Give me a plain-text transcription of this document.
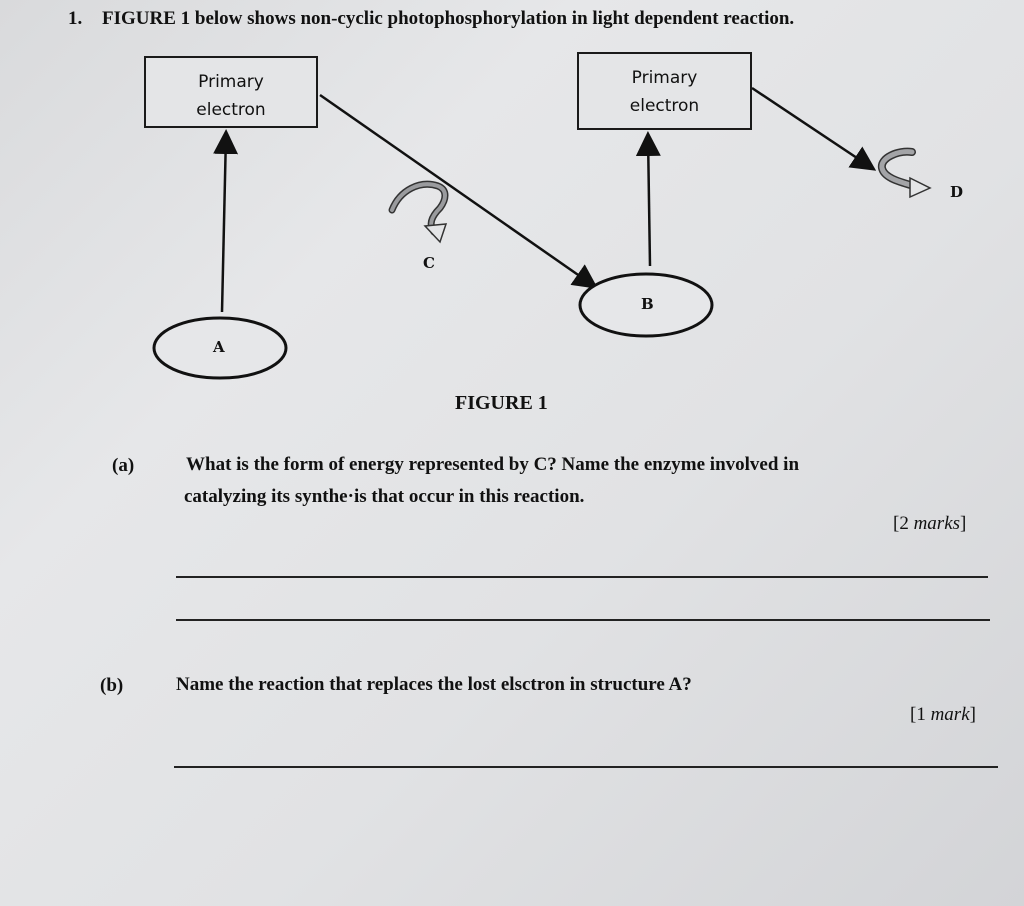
1. FIGURE 1 below shows non-cyclic photophosphorylation in light dependent reaction.
Primary
electron
Primary
electron
A
B
C
D
FIGURE 1
(a)	What is the form of energy represented by C? Name the enzyme involved in
catalyzing its synthe·is that occur in this reaction.
[2 marks]
(b)	Name the reaction that replaces the lost elsctron in structure A?
[1 mark]
